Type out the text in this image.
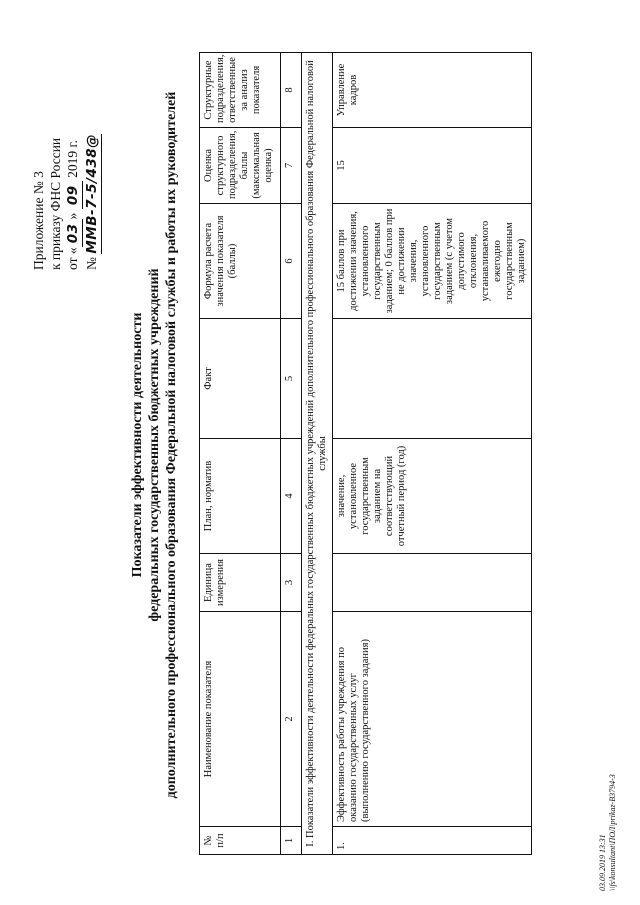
Приложение № 3 к приказу ФНС России от «03» 09 2019 г.
№ ММВ-7-5/438@
Показатели эффективности деятельности федеральных государственных бюджетных учреждений дополнительного профессионального образования Федеральной налоговой службы и работы их руководителей
№ п/п	Наименование показателя	Единица измерения	План, норматив	Факт	Формула расчета значения показателя (баллы)	Оценка структурного подразделения, баллы (максимальная оценка)	Структурные подразделения, ответственные за анализ показателя
1	2	3	4	5	6	7	8
I. Показатели эффективности деятельности федеральных государственных бюджетных учреждений дополнительного профессионального образования Федеральной налоговой службы							
1.	Эффективность работы учреждения по оказанию государственных услуг (выполнению государственного задания)		значение, установленное государственным заданием на соответствующий отчетный период (год)		15 баллов при достижении значения, установленного государственным заданием; 0 баллов при не достижении значения, установленного государственным заданием (с учетом допустимого отклонения, устанавливаемого ежегодно государственным заданием)	15	Управление кадров
03.09.2019 13:31 \\fs\konsultant\ПОЛ\prikaz-В3794-3
